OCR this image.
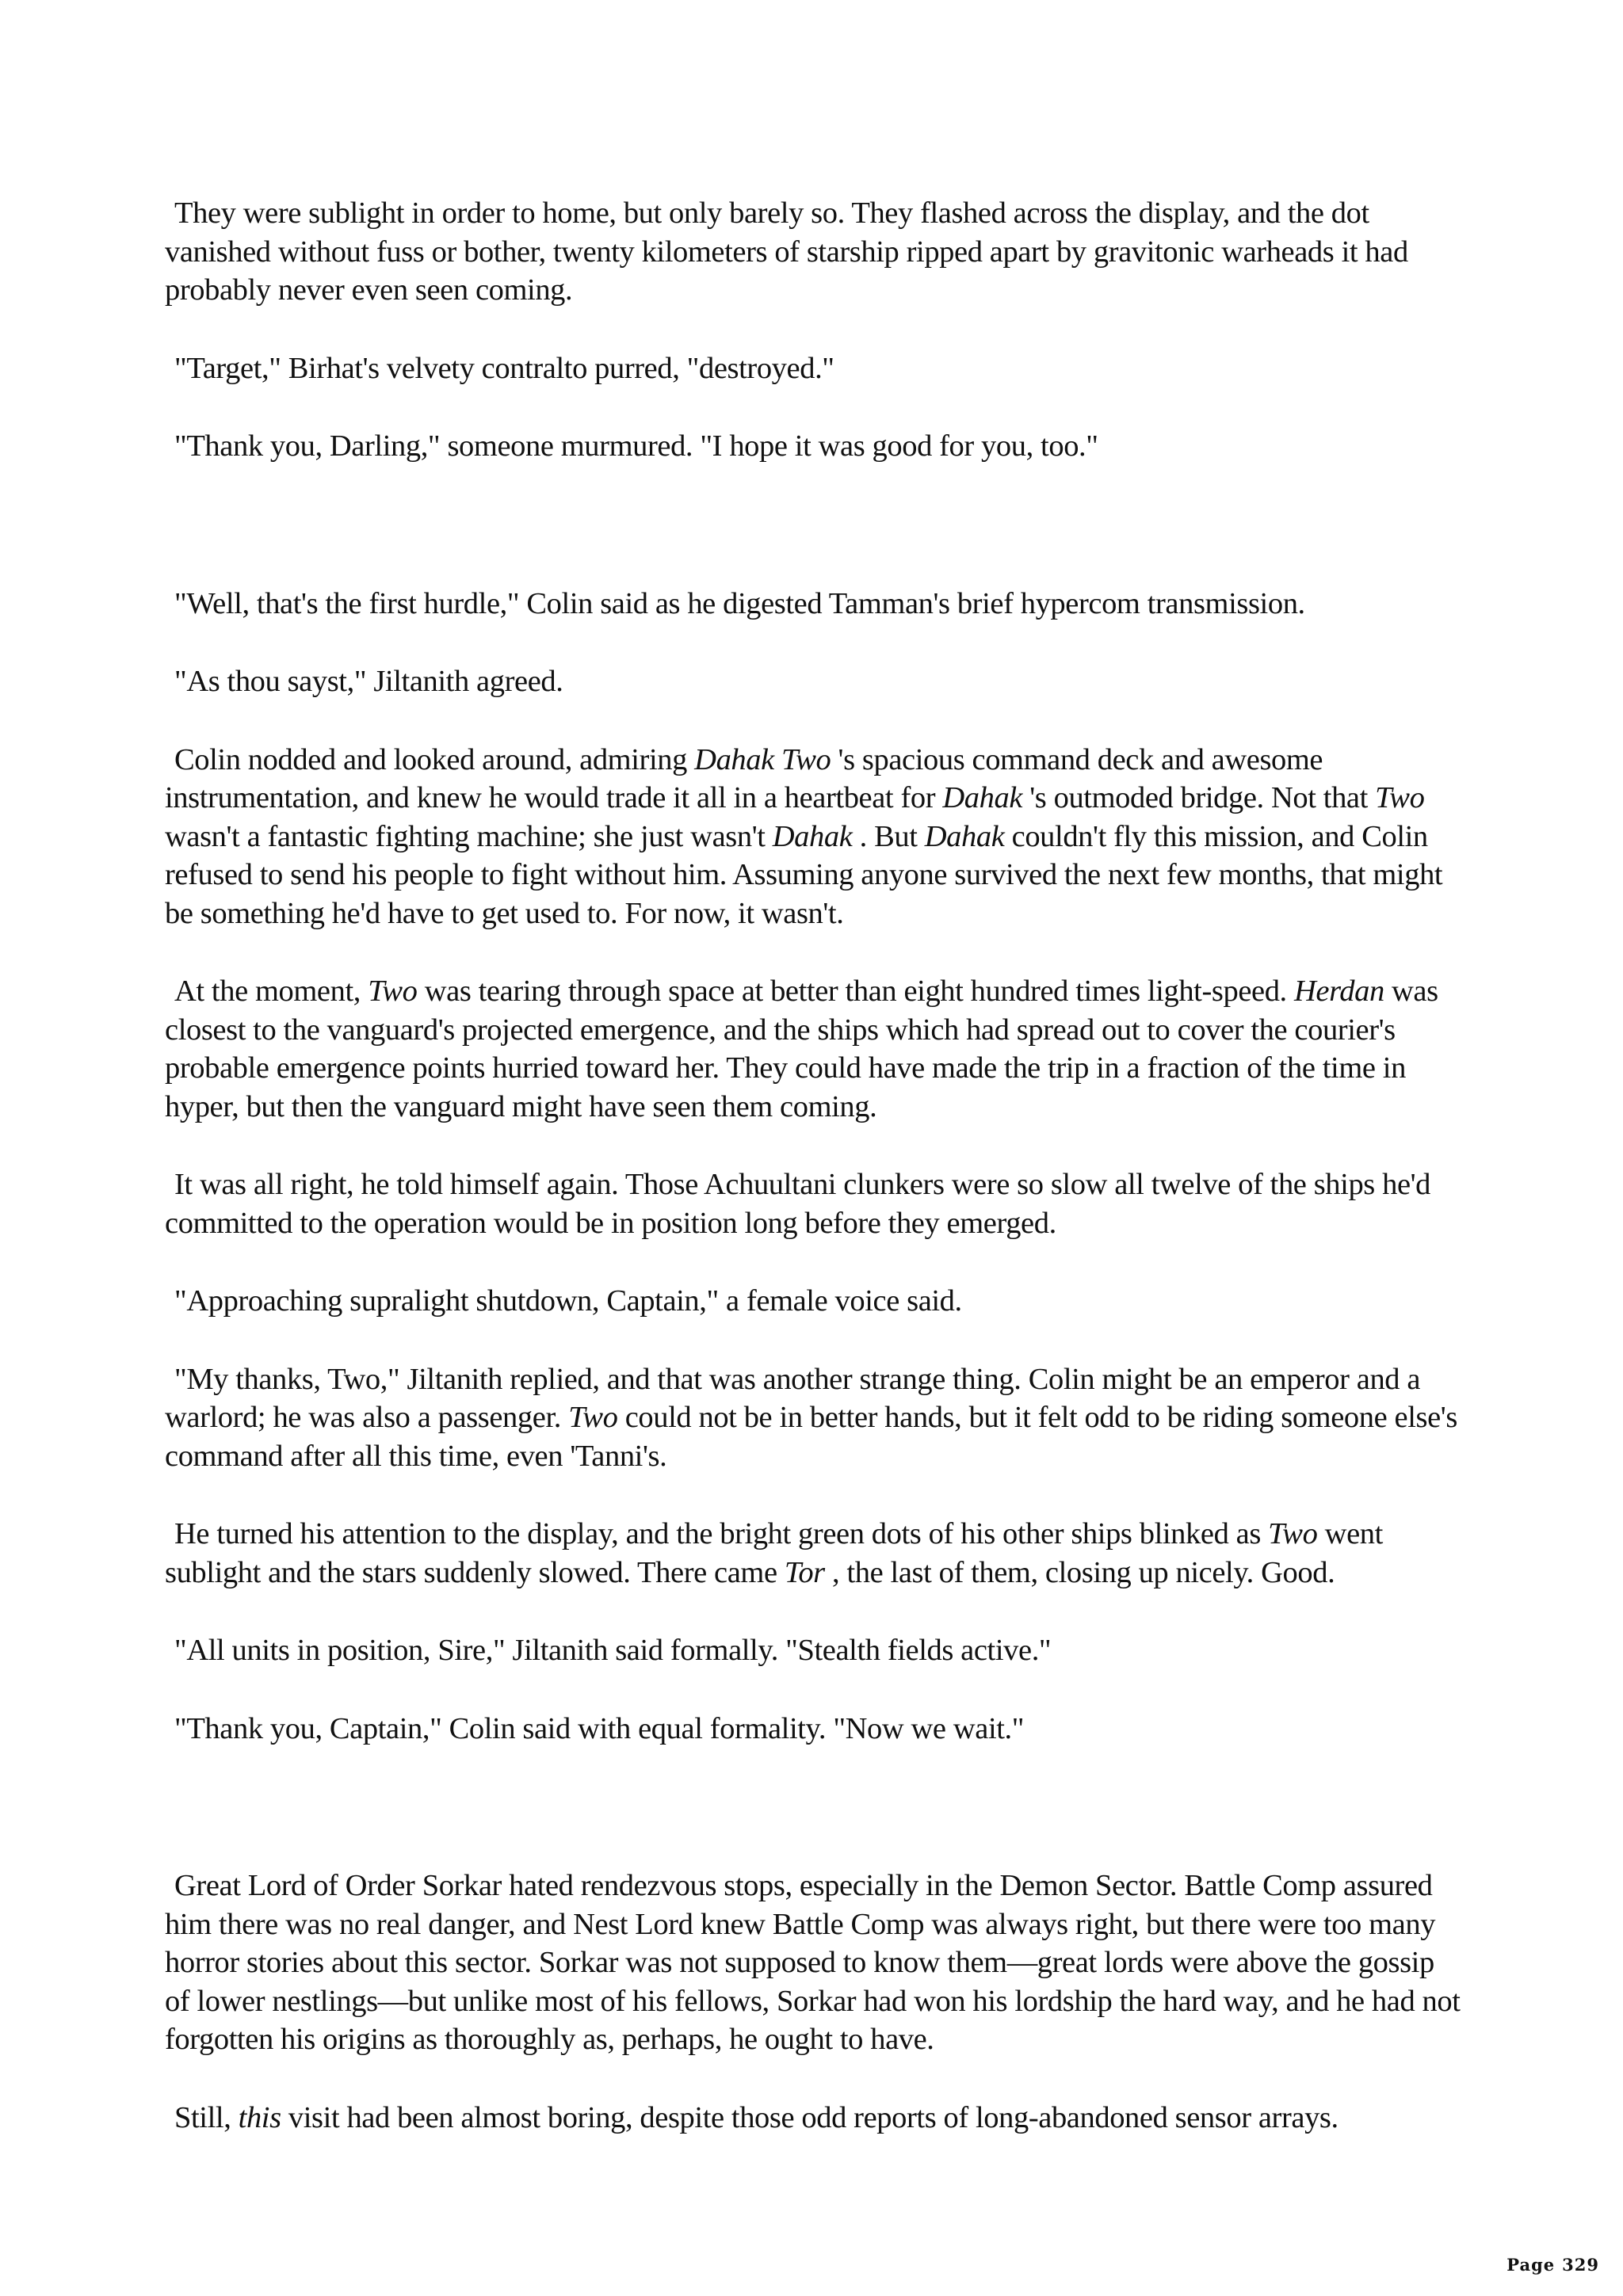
They were sublight in order to home, but only barely so. They flashed across the display, and the dot vanished without fuss or bother, twenty kilometers of starship ripped apart by gravitonic warheads it had probably never even seen coming.

"Target," Birhat's velvety contralto purred, "destroyed."

"Thank you, Darling," someone murmured. "I hope it was good for you, too."

"Well, that's the first hurdle," Colin said as he digested Tamman's brief hypercom transmission.

"As thou sayst," Jiltanith agreed.

Colin nodded and looked around, admiring Dahak Two 's spacious command deck and awesome instrumentation, and knew he would trade it all in a heartbeat for Dahak 's outmoded bridge. Not that Two wasn't a fantastic fighting machine; she just wasn't Dahak . But Dahak couldn't fly this mission, and Colin refused to send his people to fight without him. Assuming anyone survived the next few months, that might be something he'd have to get used to. For now, it wasn't.

At the moment, Two was tearing through space at better than eight hundred times light-speed. Herdan was closest to the vanguard's projected emergence, and the ships which had spread out to cover the courier's probable emergence points hurried toward her. They could have made the trip in a fraction of the time in hyper, but then the vanguard might have seen them coming.

It was all right, he told himself again. Those Achuultani clunkers were so slow all twelve of the ships he'd committed to the operation would be in position long before they emerged.

"Approaching supralight shutdown, Captain," a female voice said.

"My thanks, Two," Jiltanith replied, and that was another strange thing. Colin might be an emperor and a warlord; he was also a passenger. Two could not be in better hands, but it felt odd to be riding someone else's command after all this time, even 'Tanni's.

He turned his attention to the display, and the bright green dots of his other ships blinked as Two went sublight and the stars suddenly slowed. There came Tor , the last of them, closing up nicely. Good.

"All units in position, Sire," Jiltanith said formally. "Stealth fields active."

"Thank you, Captain," Colin said with equal formality. "Now we wait."

Great Lord of Order Sorkar hated rendezvous stops, especially in the Demon Sector. Battle Comp assured him there was no real danger, and Nest Lord knew Battle Comp was always right, but there were too many horror stories about this sector. Sorkar was not supposed to know them—great lords were above the gossip of lower nestlings—but unlike most of his fellows, Sorkar had won his lordship the hard way, and he had not forgotten his origins as thoroughly as, perhaps, he ought to have.

Still, this visit had been almost boring, despite those odd reports of long-abandoned sensor arrays.

Page 329
